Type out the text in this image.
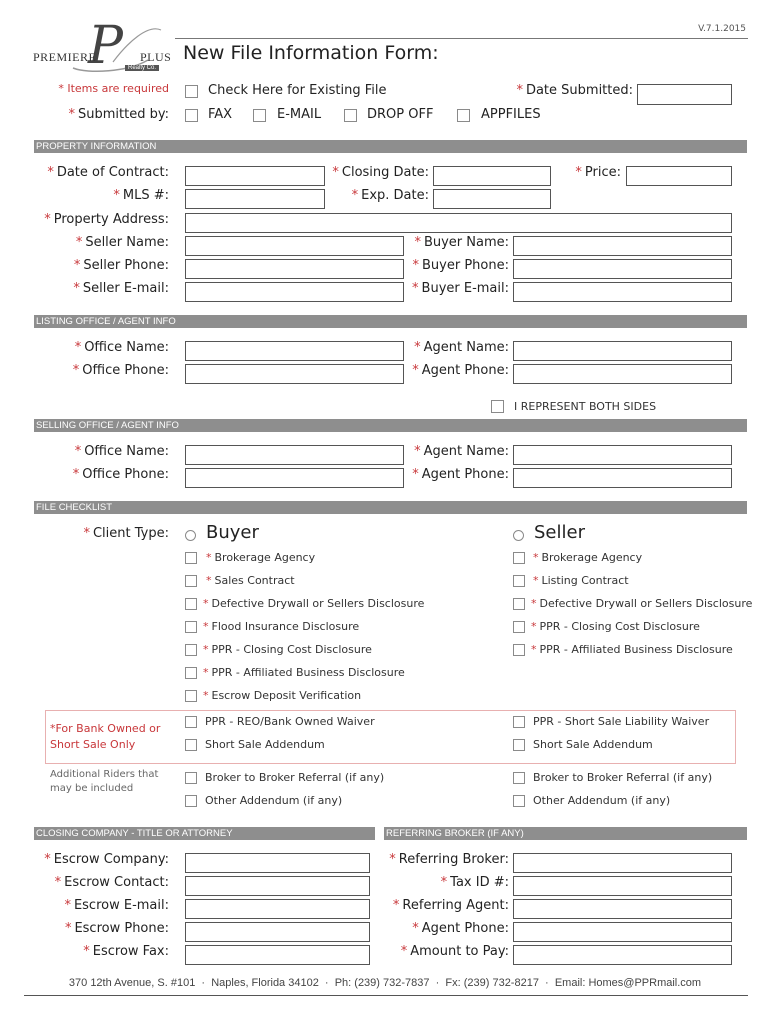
V.7.1.2015
P
PREMIERE	PLUS
Realty Co.
New File Information Form:
* Items are required	Check Here for Existing File	* Date Submitted:
* Submitted by:	FAX	E-MAIL	DROP OFF	APPFILES
PROPERTY INFORMATION
* Date of Contract:	* Closing Date:	* Price:
* MLS #:	* Exp. Date:
* Property Address:
* Seller Name:	* Buyer Name:
* Seller Phone:	* Buyer Phone:
* Seller E-mail:	* Buyer E-mail:
LISTING OFFICE / AGENT INFO
* Office Name:	* Agent Name:
* Office Phone:	* Agent Phone:
I REPRESENT BOTH SIDES
SELLING OFFICE / AGENT INFO
* Office Name:	* Agent Name:
* Office Phone:	* Agent Phone:
FILE CHECKLIST
* Client Type: Buyer	Seller
* Brokerage Agency
* Sales Contract
* Defective Drywall or Sellers Disclosure
* Flood Insurance Disclosure
* PPR - Closing Cost Disclosure
* PPR - Affiliated Business Disclosure
* Escrow Deposit Verification
* Brokerage Agency
* Listing Contract
* Defective Drywall or Sellers Disclosure
* PPR - Closing Cost Disclosure
* PPR - Affiliated Business Disclosure
*For Bank Owned or Short Sale Only
PPR - REO/Bank Owned Waiver
Short Sale Addendum
PPR - Short Sale Liability Waiver
Short Sale Addendum
Additional Riders that may be included
Broker to Broker Referral (if any)
Other Addendum (if any)
Broker to Broker Referral (if any)
Other Addendum (if any)
CLOSING COMPANY - TITLE OR ATTORNEY	REFERRING BROKER (IF ANY)
* Escrow Company:
* Escrow Contact:
* Escrow E-mail:
* Escrow Phone:
* Escrow Fax:
* Referring Broker:
* Tax ID #:
* Referring Agent:
* Agent Phone:
* Amount to Pay:
370 12th Avenue, S. #101  ·  Naples, Florida 34102  ·  Ph: (239) 732-7837  ·  Fx: (239) 732-8217  ·  Email: Homes@PPRmail.com
